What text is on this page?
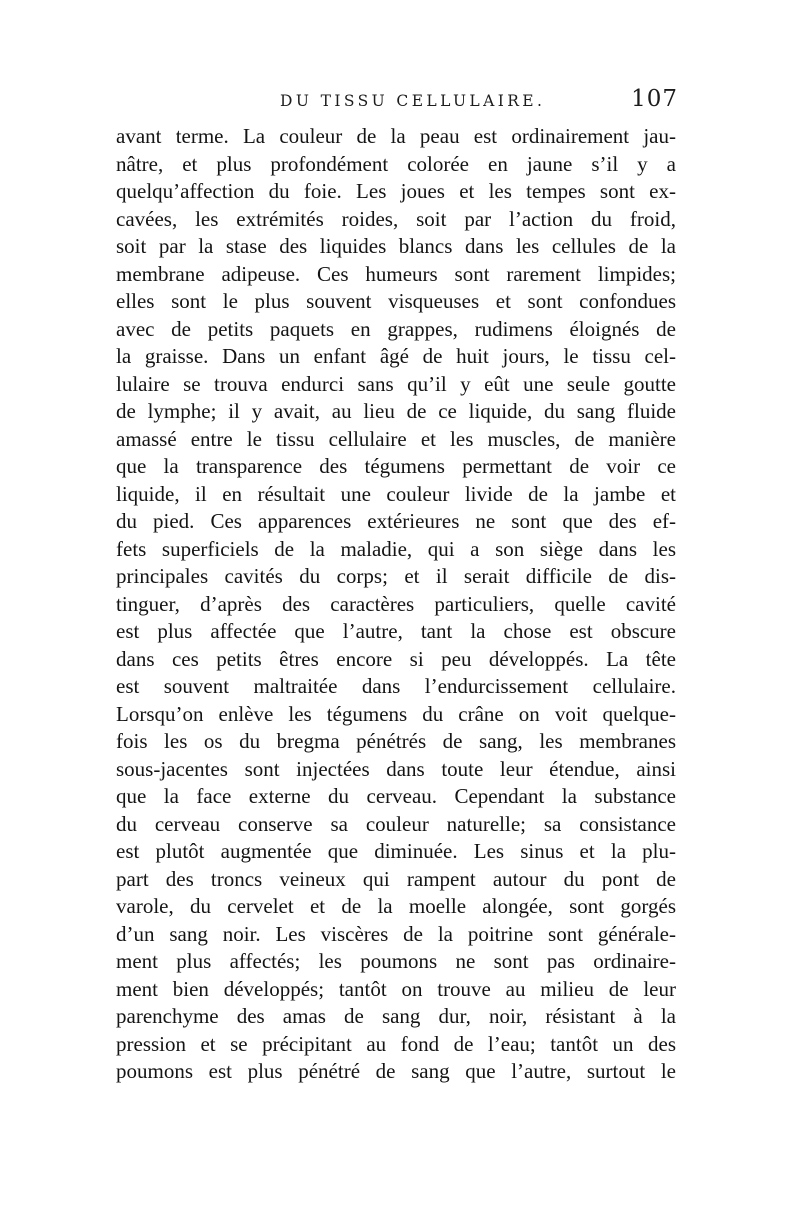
DU TISSU CELLULAIRE.	107
avant terme. La couleur de la peau est ordinairement jau-
nâtre, et plus profondément colorée en jaune s’il y a
quelqu’affection du foie. Les joues et les tempes sont ex-
cavées, les extrémités roides, soit par l’action du froid,
soit par la stase des liquides blancs dans les cellules de la
membrane adipeuse. Ces humeurs sont rarement limpides;
elles sont le plus souvent visqueuses et sont confondues
avec de petits paquets en grappes, rudimens éloignés de
la graisse. Dans un enfant âgé de huit jours, le tissu cel-
lulaire se trouva endurci sans qu’il y eût une seule goutte
de lymphe; il y avait, au lieu de ce liquide, du sang fluide
amassé entre le tissu cellulaire et les muscles, de manière
que la transparence des tégumens permettant de voir ce
liquide, il en résultait une couleur livide de la jambe et
du pied. Ces apparences extérieures ne sont que des ef-
fets superficiels de la maladie, qui a son siège dans les
principales cavités du corps; et il serait difficile de dis-
tinguer, d’après des caractères particuliers, quelle cavité
est plus affectée que l’autre, tant la chose est obscure
dans ces petits êtres encore si peu développés. La tête
est souvent maltraitée dans l’endurcissement cellulaire.
Lorsqu’on enlève les tégumens du crâne on voit quelque-
fois les os du bregma pénétrés de sang, les membranes
sous-jacentes sont injectées dans toute leur étendue, ainsi
que la face externe du cerveau. Cependant la substance
du cerveau conserve sa couleur naturelle; sa consistance
est plutôt augmentée que diminuée. Les sinus et la plu-
part des troncs veineux qui rampent autour du pont de
varole, du cervelet et de la moelle alongée, sont gorgés
d’un sang noir. Les viscères de la poitrine sont générale-
ment plus affectés; les poumons ne sont pas ordinaire-
ment bien développés; tantôt on trouve au milieu de leur
parenchyme des amas de sang dur, noir, résistant à la
pression et se précipitant au fond de l’eau; tantôt un des
poumons est plus pénétré de sang que l’autre, surtout le
